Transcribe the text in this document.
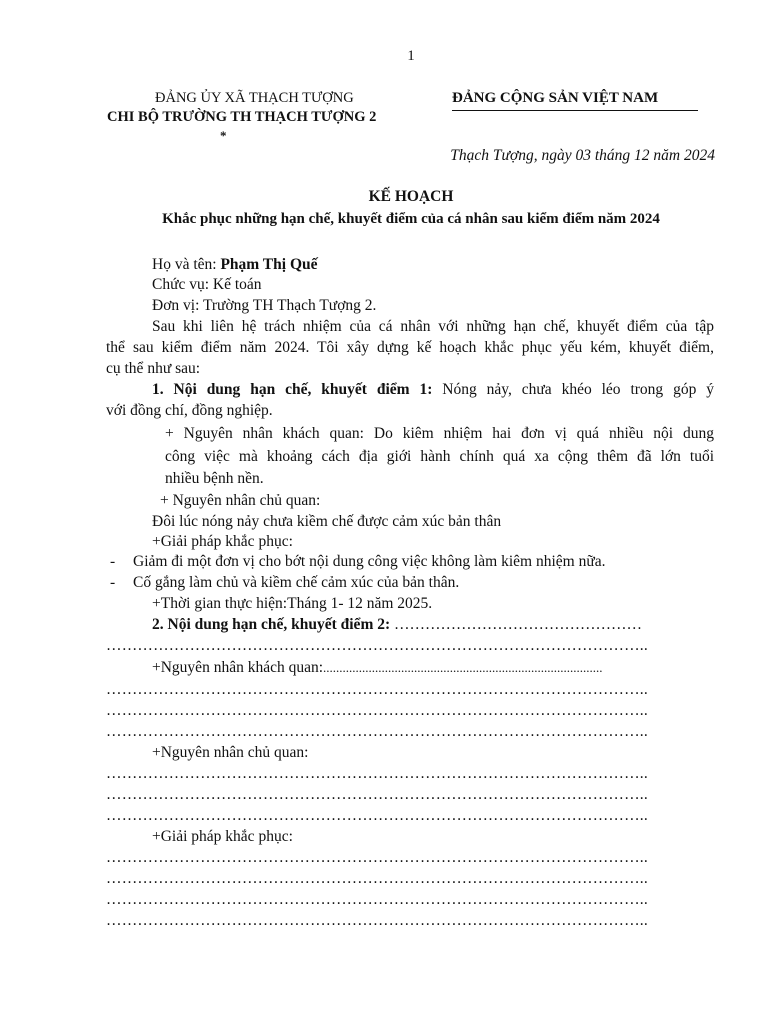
1
ĐẢNG ỦY XÃ THẠCH TƯỢNG
CHI BỘ TRƯỜNG TH THẠCH TƯỢNG 2
*
ĐẢNG CỘNG SẢN VIỆT NAM
Thạch Tượng, ngày 03 tháng 12 năm 2024
KẾ HOẠCH
Khắc phục những hạn chế, khuyết điểm của cá nhân sau kiểm điểm năm 2024
Họ và tên: Phạm Thị Quế
Chức vụ: Kế toán
Đơn vị: Trường TH Thạch Tượng 2.
Sau khi liên hệ trách nhiệm của cá nhân với những hạn chế, khuyết điểm của tập
thể sau kiểm điểm năm 2024. Tôi xây dựng kế hoạch khắc phục yếu kém, khuyết điểm,
cụ thể như sau:
1. Nội dung hạn chế, khuyết điểm 1: Nóng nảy, chưa khéo léo trong góp ý
với đồng chí, đồng nghiệp.
+ Nguyên nhân khách quan: Do kiêm nhiệm hai đơn vị quá nhiều nội dung
công việc mà khoảng cách địa giới hành chính quá xa cộng thêm đã lớn tuổi
nhiều bệnh nền.
+ Nguyên nhân chủ quan:
Đôi lúc nóng nảy chưa kiềm chế được cảm xúc bản thân
+Giải pháp khắc phục:
- Giảm đi một đơn vị cho bớt nội dung công việc không làm kiêm nhiệm nữa.
- Cố gắng làm chủ và kiềm chế cảm xúc của bản thân.
+Thời gian thực hiện:Tháng 1- 12 năm 2025.
2. Nội dung hạn chế, khuyết điểm 2: …………………………………………
…………………………………………………………………………………………..
+Nguyên nhân khách quan:......................................................................................
…………………………………………………………………………………………..
…………………………………………………………………………………………..
…………………………………………………………………………………………..
+Nguyên nhân chủ quan:
…………………………………………………………………………………………..
…………………………………………………………………………………………..
…………………………………………………………………………………………..
+Giải pháp khắc phục:
…………………………………………………………………………………………..
…………………………………………………………………………………………..
…………………………………………………………………………………………..
…………………………………………………………………………………………..
